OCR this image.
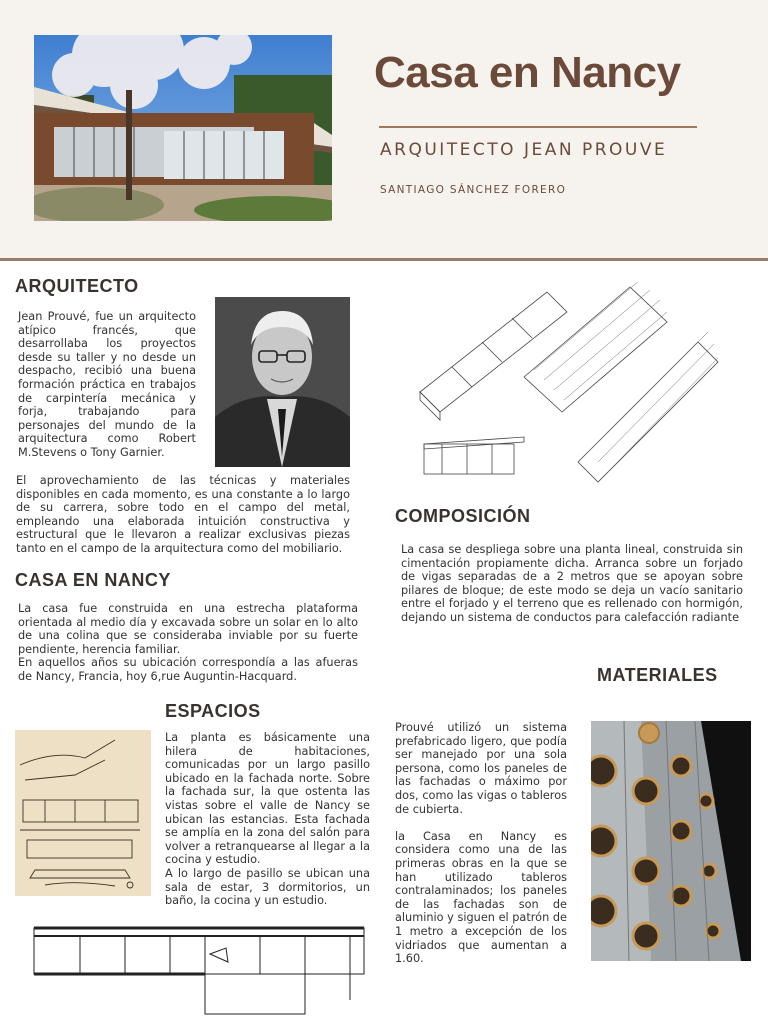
Casa en Nancy
ARQUITECTO JEAN PROUVE
SANTIAGO SÁNCHEZ FORERO
ARQUITECTO
Jean Prouvé, fue un arquitecto atípico francés, que desarrollaba los proyectos desde su taller y no desde un despacho, recibió una buena formación práctica en trabajos de carpintería mecánica y forja, trabajando para personajes del mundo de la arquitectura como Robert M.Stevens o Tony Garnier.
El aprovechamiento de las técnicas y materiales disponibles en cada momento, es una constante a lo largo de su carrera, sobre todo en el campo del metal, empleando una elaborada intuición constructiva y estructural que le llevaron a realizar exclusivas piezas tanto en el campo de la arquitectura como del mobiliario.
CASA EN NANCY

La casa fue construida en una estrecha plataforma orientada al medio día y excavada sobre un solar en lo alto de una colina que se consideraba inviable por su fuerte pendiente, herencia familiar.

En aquellos años su ubicación correspondía a las afueras de Nancy, Francia, hoy 6,rue Auguntin-Hacquard.

ESPACIOS

La planta es básicamente una hilera de habitaciones, comunicadas por un largo pasillo ubicado en la fachada norte. Sobre la fachada sur, la que ostenta las vistas sobre el valle de Nancy se ubican las estancias. Esta fachada se amplía en la zona del salón para volver a retranquearse al llegar a la cocina y estudio.

A lo largo de pasillo se ubican una sala de estar, 3 dormitorios, un baño, la cocina y un estudio.

COMPOSICIÓN
La casa se despliega sobre una planta lineal, construida sin cimentación propiamente dicha. Arranca sobre un forjado de vigas separadas de a 2 metros que se apoyan sobre pilares de bloque; de este modo se deja un vacío sanitario entre el forjado y el terreno que es rellenado con hormigón, dejando un sistema de conductos para calefacción radiante
MATERIALES

Prouvé utilizó un sistema prefabricado ligero, que podía ser manejado por una sola persona, como los paneles de las fachadas o máximo por dos, como las vigas o tableros de cubierta.

la Casa en Nancy es considera como una de las primeras obras en la que se han utilizado tableros contralaminados; los paneles de las fachadas son de aluminio y siguen el patrón de 1 metro a excepción de los vidriados que aumentan a 1.60.
